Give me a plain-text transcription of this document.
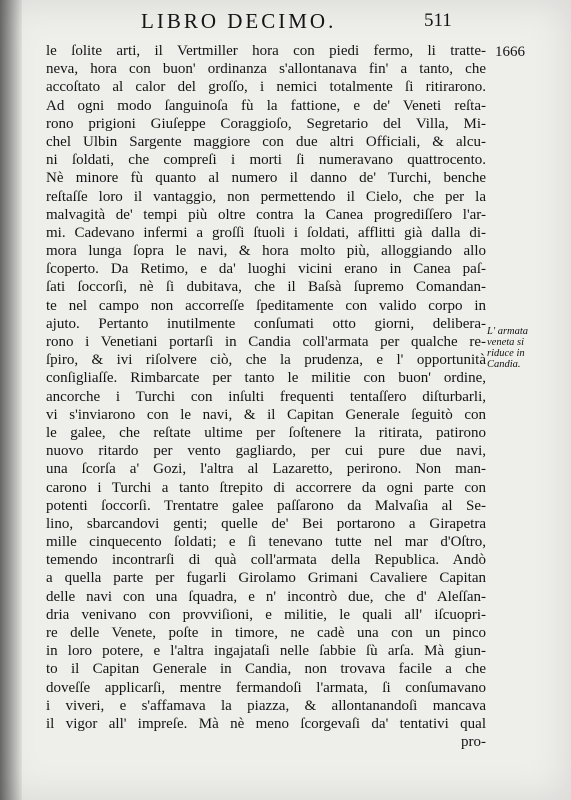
LIBRO DECIMO.	511
1666
L' armata
veneta si
riduce in
Candia.
le ſolite arti, il Vertmiller hora con piedi fermo, li tratte-
neva, hora con buon' ordinanza s'allontanava fin' a tanto, che
accoſtato al calor del groſſo, i nemici totalmente ſi ritirarono.
Ad ogni modo ſanguinoſa fù la fattione, e de' Veneti reſta-
rono prigioni Giuſeppe Coraggioſo, Segretario del Villa, Mi-
chel Ulbin Sargente maggiore con due altri Officiali, & alcu-
ni ſoldati, che compreſi i morti ſi numeravano quattrocento.
Nè minore fù quanto al numero il danno de' Turchi, benche
reſtaſſe loro il vantaggio, non permettendo il Cielo, che per la
malvagità de' tempi più oltre contra la Canea progrediſſero l'ar-
mi. Cadevano infermi a groſſi ſtuoli i ſoldati, afflitti già dalla di-
mora lunga ſopra le navi, & hora molto più, alloggiando allo
ſcoperto. Da Retimo, e da' luoghi vicini erano in Canea paſ-
ſati ſoccorſi, nè ſi dubitava, che il Baſsà ſupremo Comandan-
te nel campo non accorreſſe ſpeditamente con valido corpo in
ajuto. Pertanto inutilmente conſumati otto giorni, delibera-
rono i Venetiani portarſi in Candia coll'armata per qualche re-
ſpiro, & ivi riſolvere ciò, che la prudenza, e l' opportunità
conſigliaſſe. Rimbarcate per tanto le militie con buon' ordine,
ancorche i Turchi con inſulti frequenti tentaſſero diſturbarli,
vi s'inviarono con le navi, & il Capitan Generale ſeguitò con
le galee, che reſtate ultime per ſoſtenere la ritirata, patirono
nuovo ritardo per vento gagliardo, per cui pure due navi,
una ſcorſa a' Gozi, l'altra al Lazaretto, perirono. Non man-
carono i Turchi a tanto ſtrepito di accorrere da ogni parte con
potenti ſoccorſi. Trentatre galee paſſarono da Malvaſia al Se-
lino, sbarcandovi genti; quelle de' Bei portarono a Girapetra
mille cinquecento ſoldati; e ſi tenevano tutte nel mar d'Oſtro,
temendo incontrarſi di quà coll'armata della Republica. Andò
a quella parte per fugarli Girolamo Grimani Cavaliere Capitan
delle navi con una ſquadra, e n' incontrò due, che d' Aleſſan-
dria venivano con provviſioni, e militie, le quali all' iſcuopri-
re delle Venete, poſte in timore, ne cadè una con un pinco
in loro potere, e l'altra ingajataſi nelle ſabbie ſù arſa. Mà giun-
to il Capitan Generale in Candia, non trovava facile a che
doveſſe applicarſi, mentre fermandoſi l'armata, ſi conſumavano
i viveri, e s'affamava la piazza, & allontanandoſi mancava
il vigor all' impreſe. Mà nè meno ſcorgevaſi da' tentativi qual
pro-
